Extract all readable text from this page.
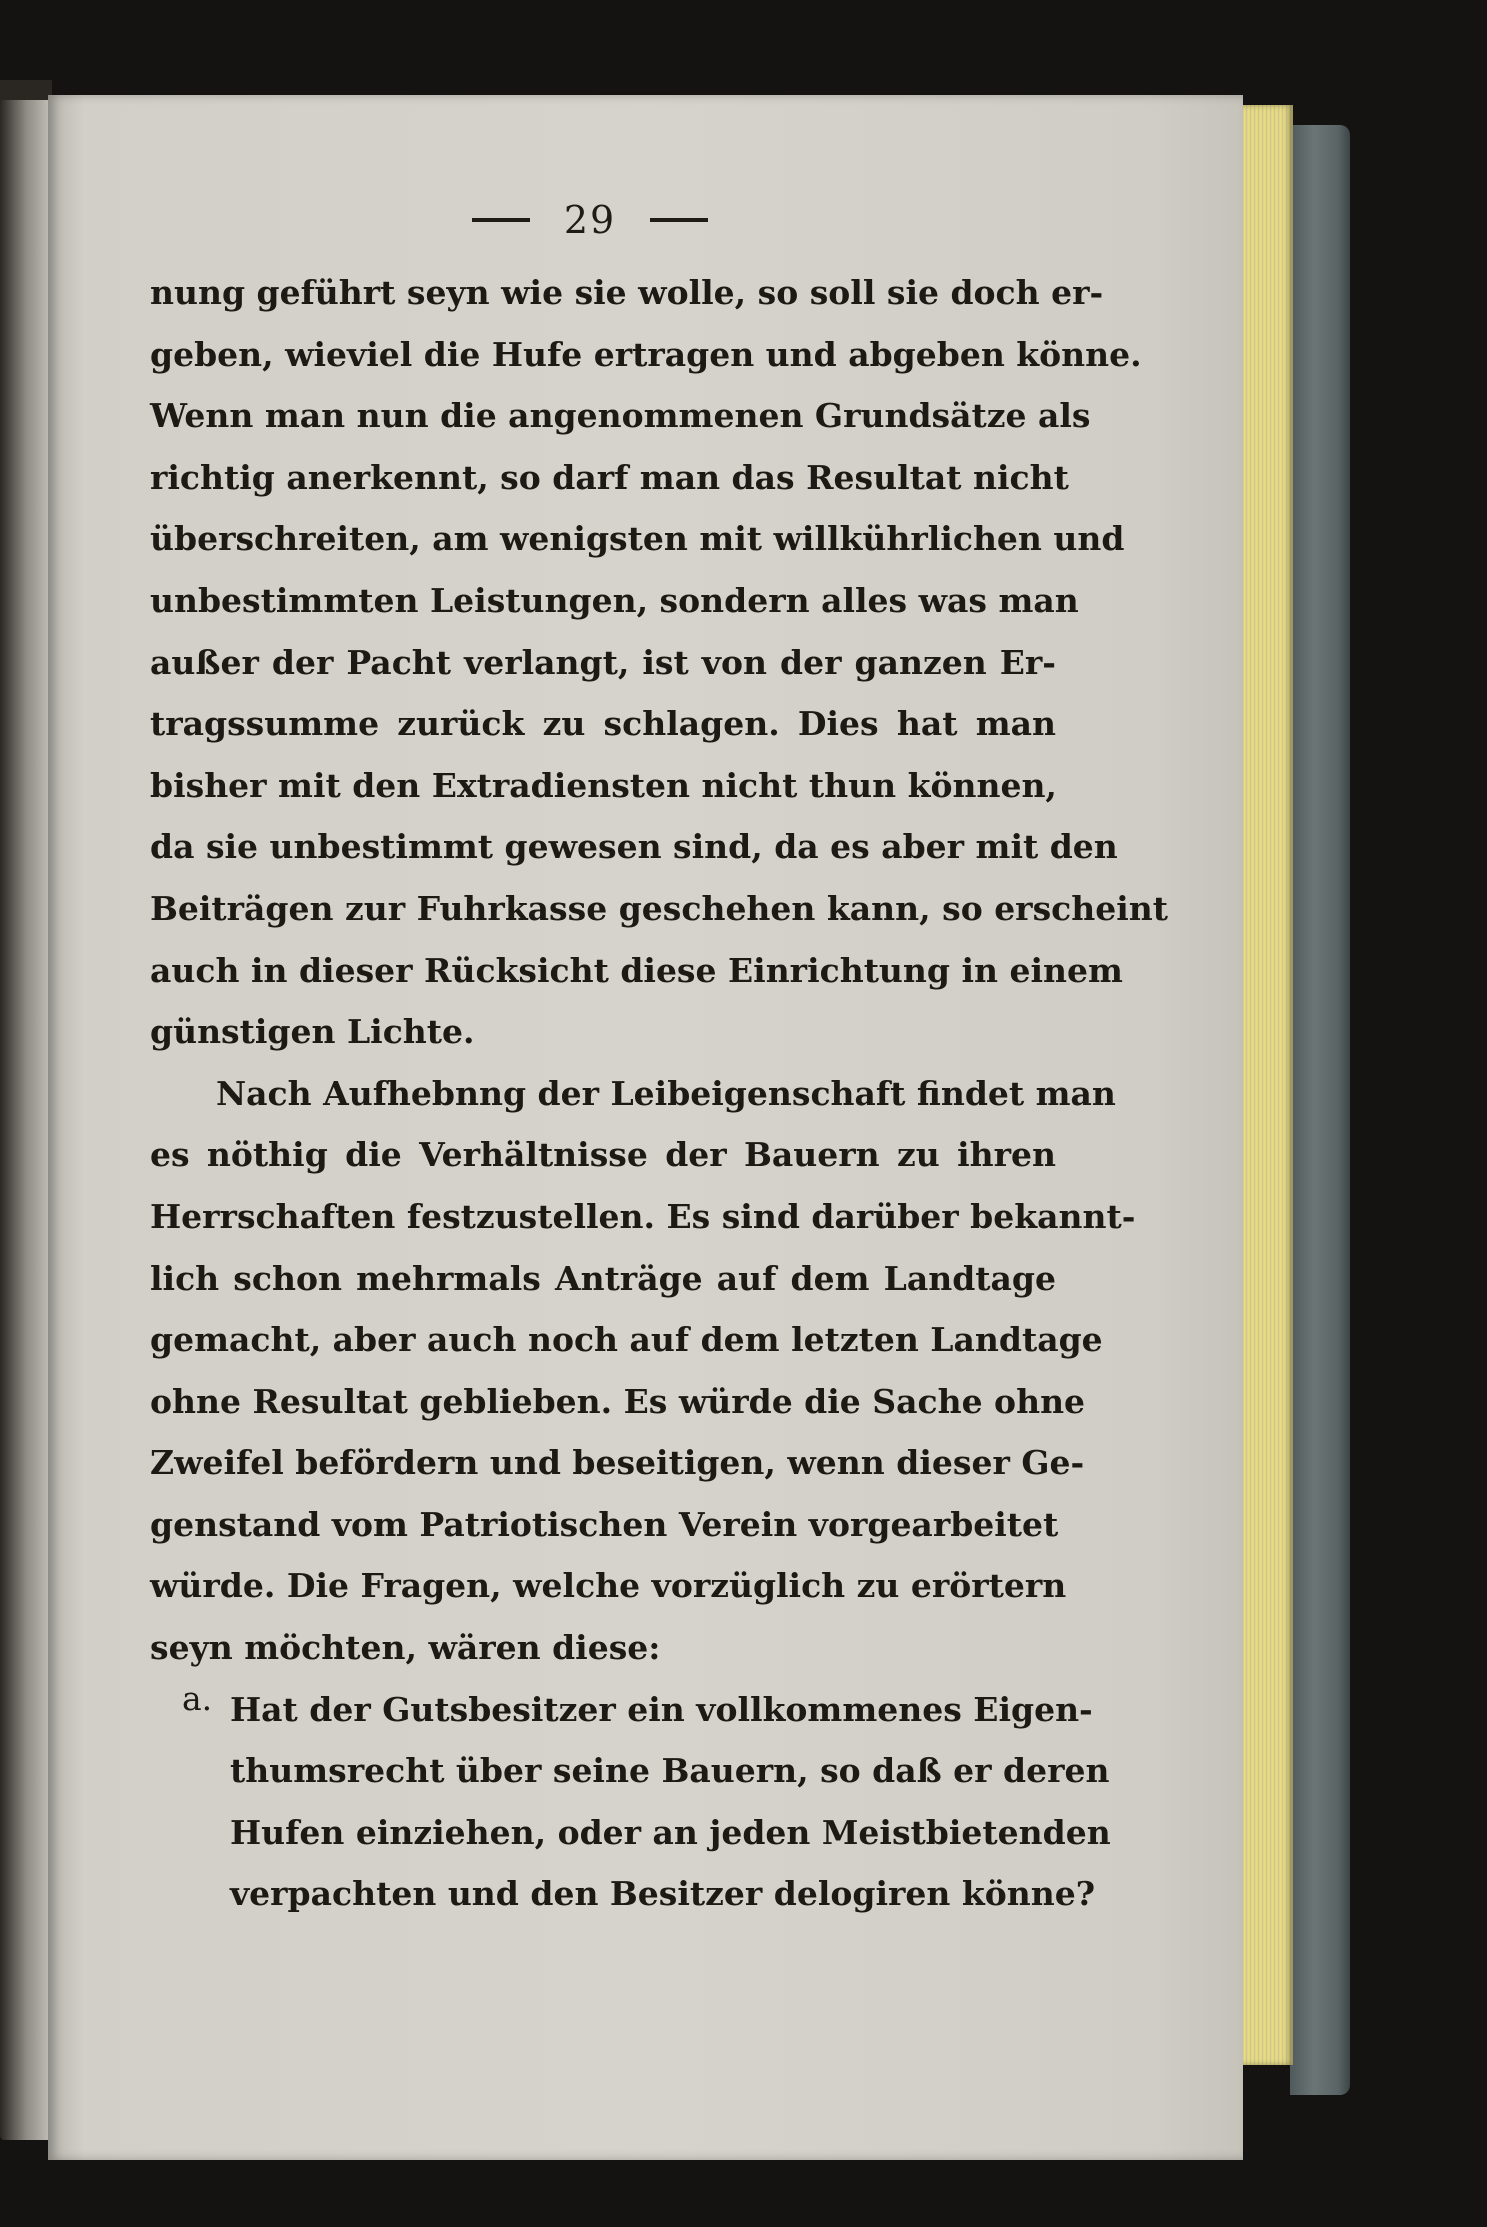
29
nung geführt seyn wie sie wolle, so soll sie doch er-
geben, wieviel die Hufe ertragen und abgeben könne.
Wenn man nun die angenommenen Grundsätze als
richtig anerkennt, so darf man das Resultat nicht
überschreiten, am wenigsten mit willkührlichen und
unbestimmten Leistungen, sondern alles was man
außer der Pacht verlangt, ist von der ganzen Er-
tragssumme zurück zu schlagen. Dies hat man
bisher mit den Extradiensten nicht thun können,
da sie unbestimmt gewesen sind, da es aber mit den
Beiträgen zur Fuhrkasse geschehen kann, so erscheint
auch in dieser Rücksicht diese Einrichtung in einem
günstigen Lichte.
Nach Aufhebnng der Leibeigenschaft findet man
es nöthig die Verhältnisse der Bauern zu ihren
Herrschaften festzustellen. Es sind darüber bekannt-
lich schon mehrmals Anträge auf dem Landtage
gemacht, aber auch noch auf dem letzten Landtage
ohne Resultat geblieben. Es würde die Sache ohne
Zweifel befördern und beseitigen, wenn dieser Ge-
genstand vom Patriotischen Verein vorgearbeitet
würde. Die Fragen, welche vorzüglich zu erörtern
seyn möchten, wären diese:
a. Hat der Gutsbesitzer ein vollkommenes Eigen-
thumsrecht über seine Bauern, so daß er deren
Hufen einziehen, oder an jeden Meistbietenden
verpachten und den Besitzer delogiren könne?
